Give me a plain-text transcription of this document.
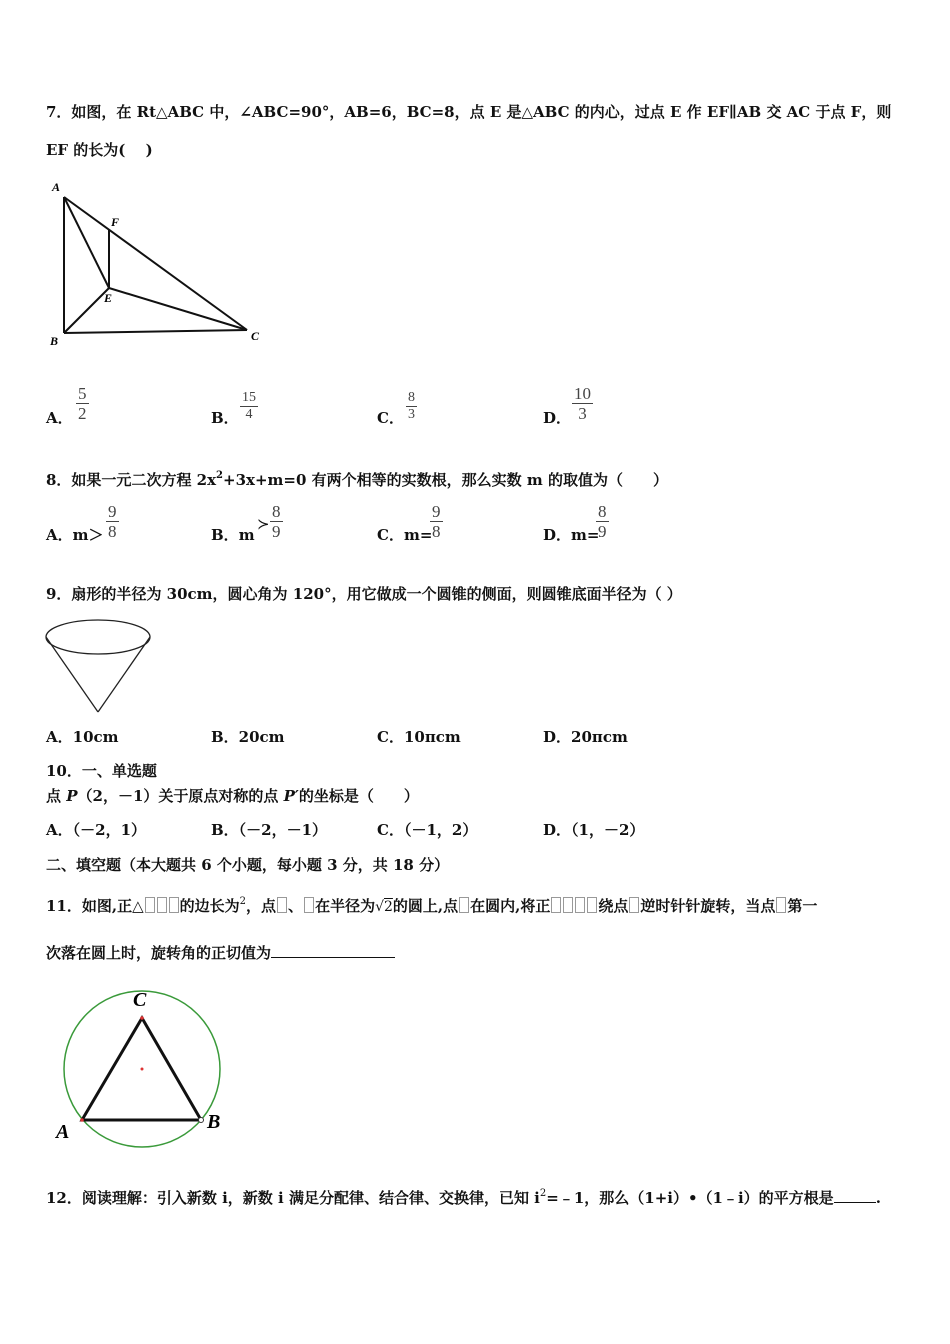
7．如图，在 Rt△ABC 中，∠ABC=90°，AB=6，BC=8，点 E 是△ABC 的内心，过点 E 作 EF∥AB 交 AC 于点 F，则
EF 的长为(　 )
A
F
E
B	C
A．
5
2	B．
15
4	C．
8
3	D．
10
3
8．如果一元二次方程 $2x^2+3x+m=0$ 有两个相等的实数根，那么实数 m 的取值为（　　）
A．m＞
9
8	B．m
≻
8
9	C．m=
9
8	D．m=
8
9
9．扇形的半径为 30cm，圆心角为 120°，用它做成一个圆锥的侧面，则圆锥底面半径为（ ）
A．10cm	B．20cm	C．10πcm	D．20πcm
10．一、单选题
点 P（2，－1）关于原点对称的点 P′的坐标是（　　）
A．（－2，1）	B．（－2，－1）	C．（－1，2）	D．（1，－2）
二、填空题（本大题共 6 个小题，每小题 3 分，共 18 分）
11．如图,正△ 的边长为$^2$，点 、 在半径为√2的圆上,点 在圆内,将正	绕点 逆时针针旋转，当点 第一
次落在圆上时，旋转角的正切值为
C
A	B
12．阅读理解：引入新数 i，新数 i 满足分配律、结合律、交换律，已知 $i^2=﹣1$，那么（1+i）•（1﹣i）的平方根是	.
